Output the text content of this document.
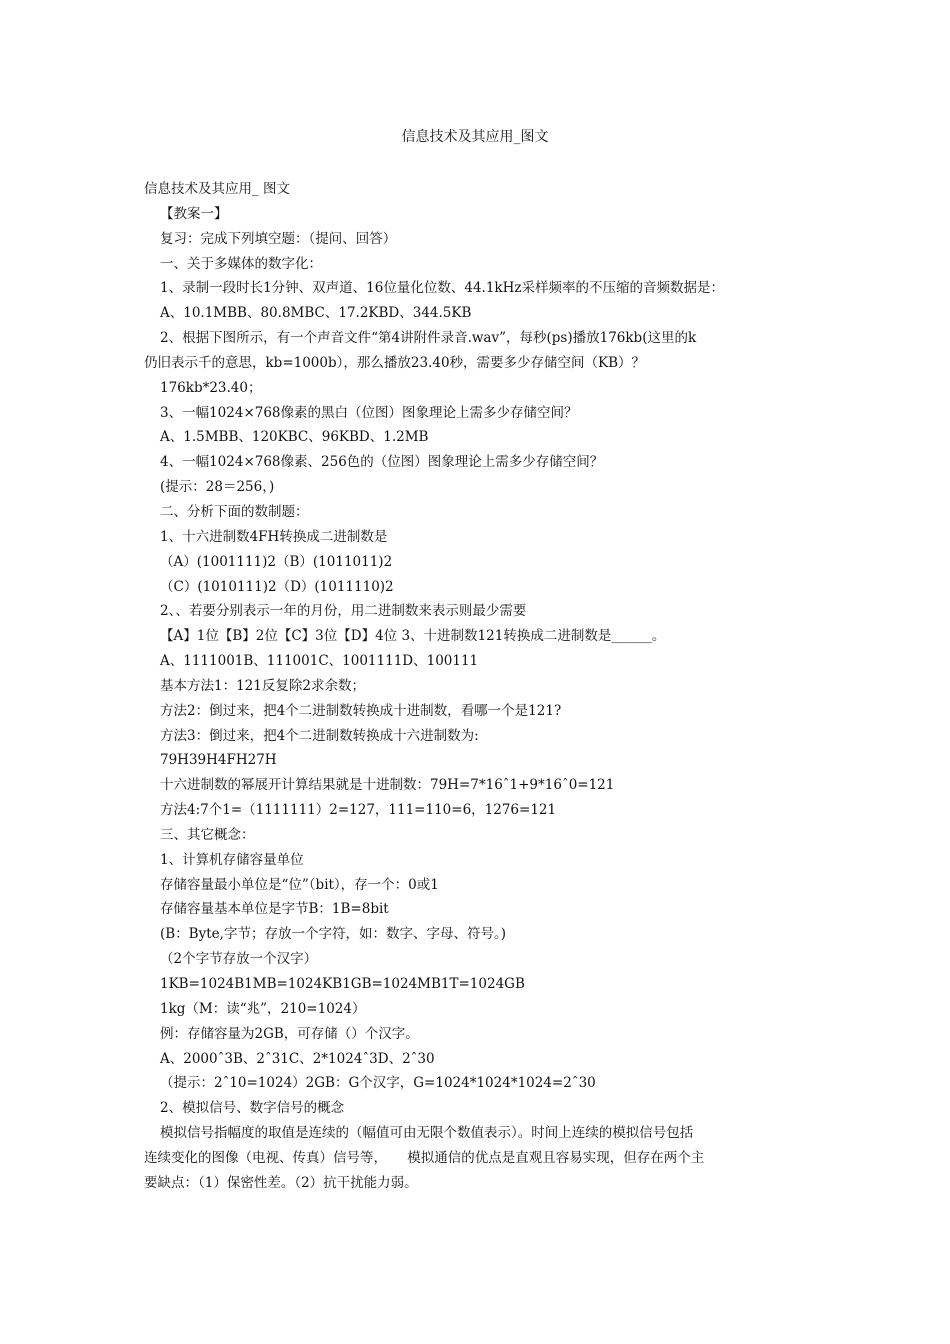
信息技术及其应用_图文
信息技术及其应用_ 图文
【教案一】
复习：完成下列填空题：（提问、回答）
一、关于多媒体的数字化：
1、录制一段时长1分钟、双声道、16位量化位数、44.1kHz采样频率的不压缩的音频数据是：
A、10.1MBB、80.8MBC、17.2KBD、344.5KB
2、根据下图所示，有一个声音文件“第4讲附件录音.wav”，每秒(ps)播放176kb(这里的k
仍旧表示千的意思，kb=1000b），那么播放23.40秒，需要多少存储空间（KB）？
176kb*23.40；
3、一幅1024×768像素的黑白（位图）图象理论上需多少存储空间？
A、1.5MBB、120KBC、96KBD、1.2MB
4、一幅1024×768像素、256色的（位图）图象理论上需多少存储空间？
(提示：28＝256，)
二、分析下面的数制题：
1、十六进制数4FH转换成二进制数是
（A）(1001111)2（B）(1011011)2
（C）(1010111)2（D）(1011110)2
2、、若要分别表示一年的月份，用二进制数来表示则最少需要
【A】1位【B】2位【C】3位【D】4位 3、十进制数121转换成二进制数是______。
A、1111001B、111001C、1001111D、100111
基本方法1：121反复除2求余数；
方法2：倒过来，把4个二进制数转换成十进制数，看哪一个是121?
方法3：倒过来，把4个二进制数转换成十六进制数为:
79H39H4FH27H
十六进制数的幂展开计算结果就是十进制数：79H=7*16ˆ1+9*16ˆ0=121
方法4:7个1=（1111111）2=127，111=110=6，1276=121
三、其它概念：
1、计算机存储容量单位
存储容量最小单位是“位”（bit），存一个：0或1
存储容量基本单位是字节B：1B=8bit
(B：Byte,字节；存放一个字符，如：数字、字母、符号。)
（2个字节存放一个汉字）
1KB=1024B1MB=1024KB1GB=1024MB1T=1024GB
1kg（M：读“兆”，210=1024）
例：存储容量为2GB，可存储（）个汉字。
A、2000ˆ3B、2ˆ31C、2*1024ˆ3D、2ˆ30
（提示：2ˆ10=1024）2GB：G个汉字，G=1024*1024*1024=2ˆ30
2、模拟信号、数字信号的概念
模拟信号指幅度的取值是连续的（幅值可由无限个数值表示）。时间上连续的模拟信号包括
连续变化的图像（电视、传真）信号等，　　模拟通信的优点是直观且容易实现，但存在两个主
要缺点：（1）保密性差。（2）抗干扰能力弱。
